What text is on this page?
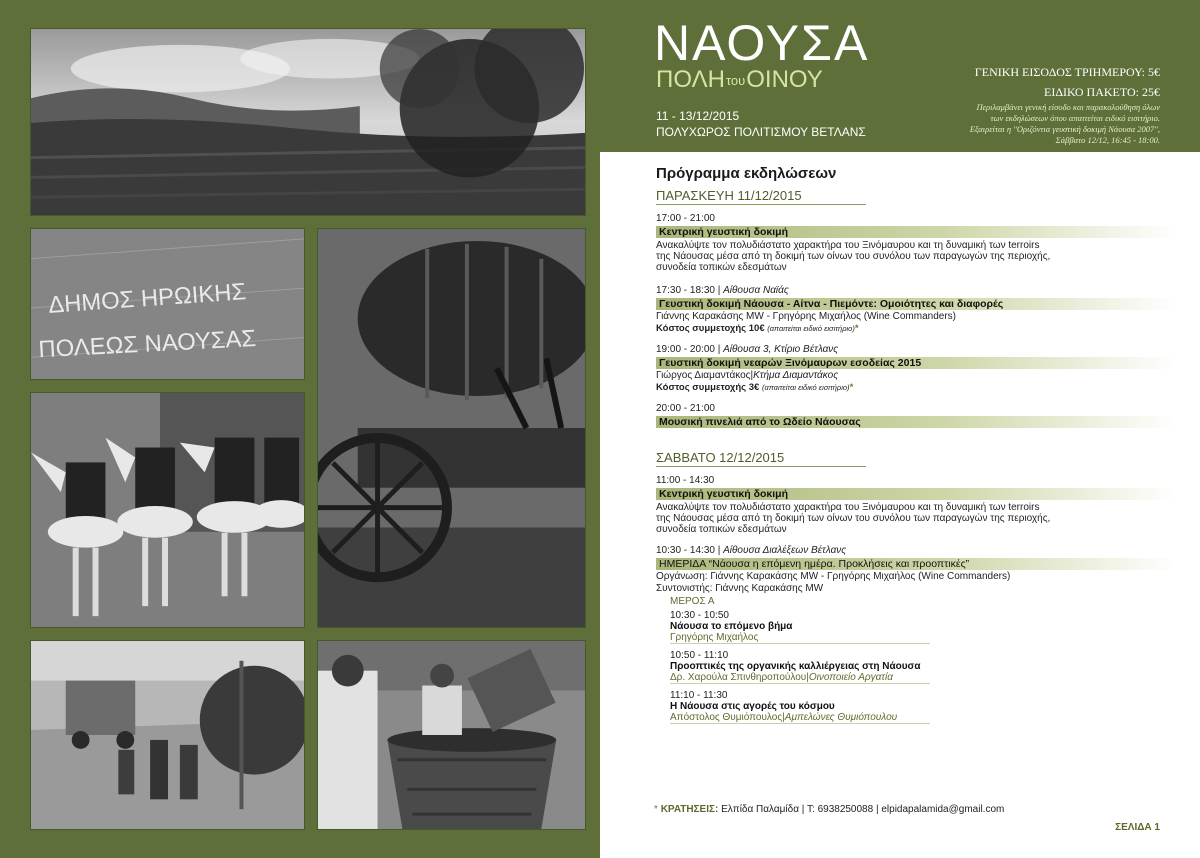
ΔΗΜΟΣ ΗΡΩΙΚΗΣ
ΠΟΛΕΩΣ ΝΑΟΥΣΑΣ
ΝΑΟΥΣΑ
ΠΟΛΗτουΟΙΝΟΥ
11 - 13/12/2015
ΠΟΛΥΧΩΡΟΣ ΠΟΛΙΤΙΣΜΟΥ ΒΕΤΛΑΝΣ
ΓΕΝΙΚΗ ΕΙΣΟΔΟΣ ΤΡΙΗΜΕΡΟΥ: 5€
ΕΙΔΙΚΟ ΠΑΚΕΤΟ: 25€
Περιλαμβάνει γενική είσοδο και παρακολούθηση όλων
των εκδηλώσεων όπου απαιτείται ειδικό εισιτήριο.
Εξαιρείται η "Οριζόντια γευστική δοκιμή Νάουσα 2007",
Σάββατο 12/12, 16:45 - 18:00.
Πρόγραμμα εκδηλώσεων
ΠΑΡΑΣΚΕΥΗ 11/12/2015
17:00 - 21:00
Κεντρική γευστική δοκιμή
Ανακαλύψτε τον πολυδιάστατο χαρακτήρα του Ξινόμαυρου και τη δυναμική των terroirs
της Νάουσας μέσα από τη δοκιμή των οίνων του συνόλου των παραγωγών της περιοχής,
συνοδεία τοπικών εδεσμάτων
17:30 - 18:30 | Αίθουσα Ναϊάς
Γευστική δοκιμή Νάουσα - Αίτνα - Πιεμόντε: Ομοιότητες και διαφορές
Γιάννης Καρακάσης MW - Γρηγόρης Μιχαήλος (Wine Commanders)
Κόστος συμμετοχής 10€ (απαιτείται ειδικό εισιτήριο)*
19:00 - 20:00 | Αίθουσα 3, Κτίριο Βέτλανς
Γευστική δοκιμή νεαρών Ξινόμαυρων εσοδείας 2015
Γιώργος Διαμαντάκος|Κτήμα Διαμαντάκος
Κόστος συμμετοχής 3€ (απαιτείται ειδικό εισιτήριο)*
20:00 - 21:00
Μουσική πινελιά από το Ωδείο Νάουσας
ΣΑΒΒΑΤΟ 12/12/2015
11:00 - 14:30
Κεντρική γευστική δοκιμή
Ανακαλύψτε τον πολυδιάστατο χαρακτήρα του Ξινόμαυρου και τη δυναμική των terroirs
της Νάουσας μέσα από τη δοκιμή των οίνων του συνόλου των παραγωγών της περιοχής,
συνοδεία τοπικών εδεσμάτων
10:30 - 14:30 | Αίθουσα Διαλέξεων Βέτλανς
ΗΜΕΡΙΔΑ “Νάουσα η επόμενη ημέρα. Προκλήσεις και προοπτικές”
Οργάνωση: Γιάννης Καρακάσης MW - Γρηγόρης Μιχαήλος (Wine Commanders)
Συντονιστής: Γιάννης Καρακάσης MW
ΜΕΡΟΣ Α
10:30 - 10:50
Νάουσα το επόμενο βήμα
Γρηγόρης Μιχαήλος
10:50 - 11:10
Προοπτικές της οργανικής καλλιέργειας στη Νάουσα
Δρ. Χαρούλα Σπινθηροπούλου|Οινοποιείο Αργατία
11:10 - 11:30
Η Νάουσα στις αγορές του κόσμου
Απόστολος Θυμιόπουλος|Αμπελώνες Θυμιόπουλου
* ΚΡΑΤΗΣΕΙΣ: Ελπίδα Παλαμίδα | Τ: 6938250088 | elpidapalamida@gmail.com
ΣΕΛΙΔΑ 1
